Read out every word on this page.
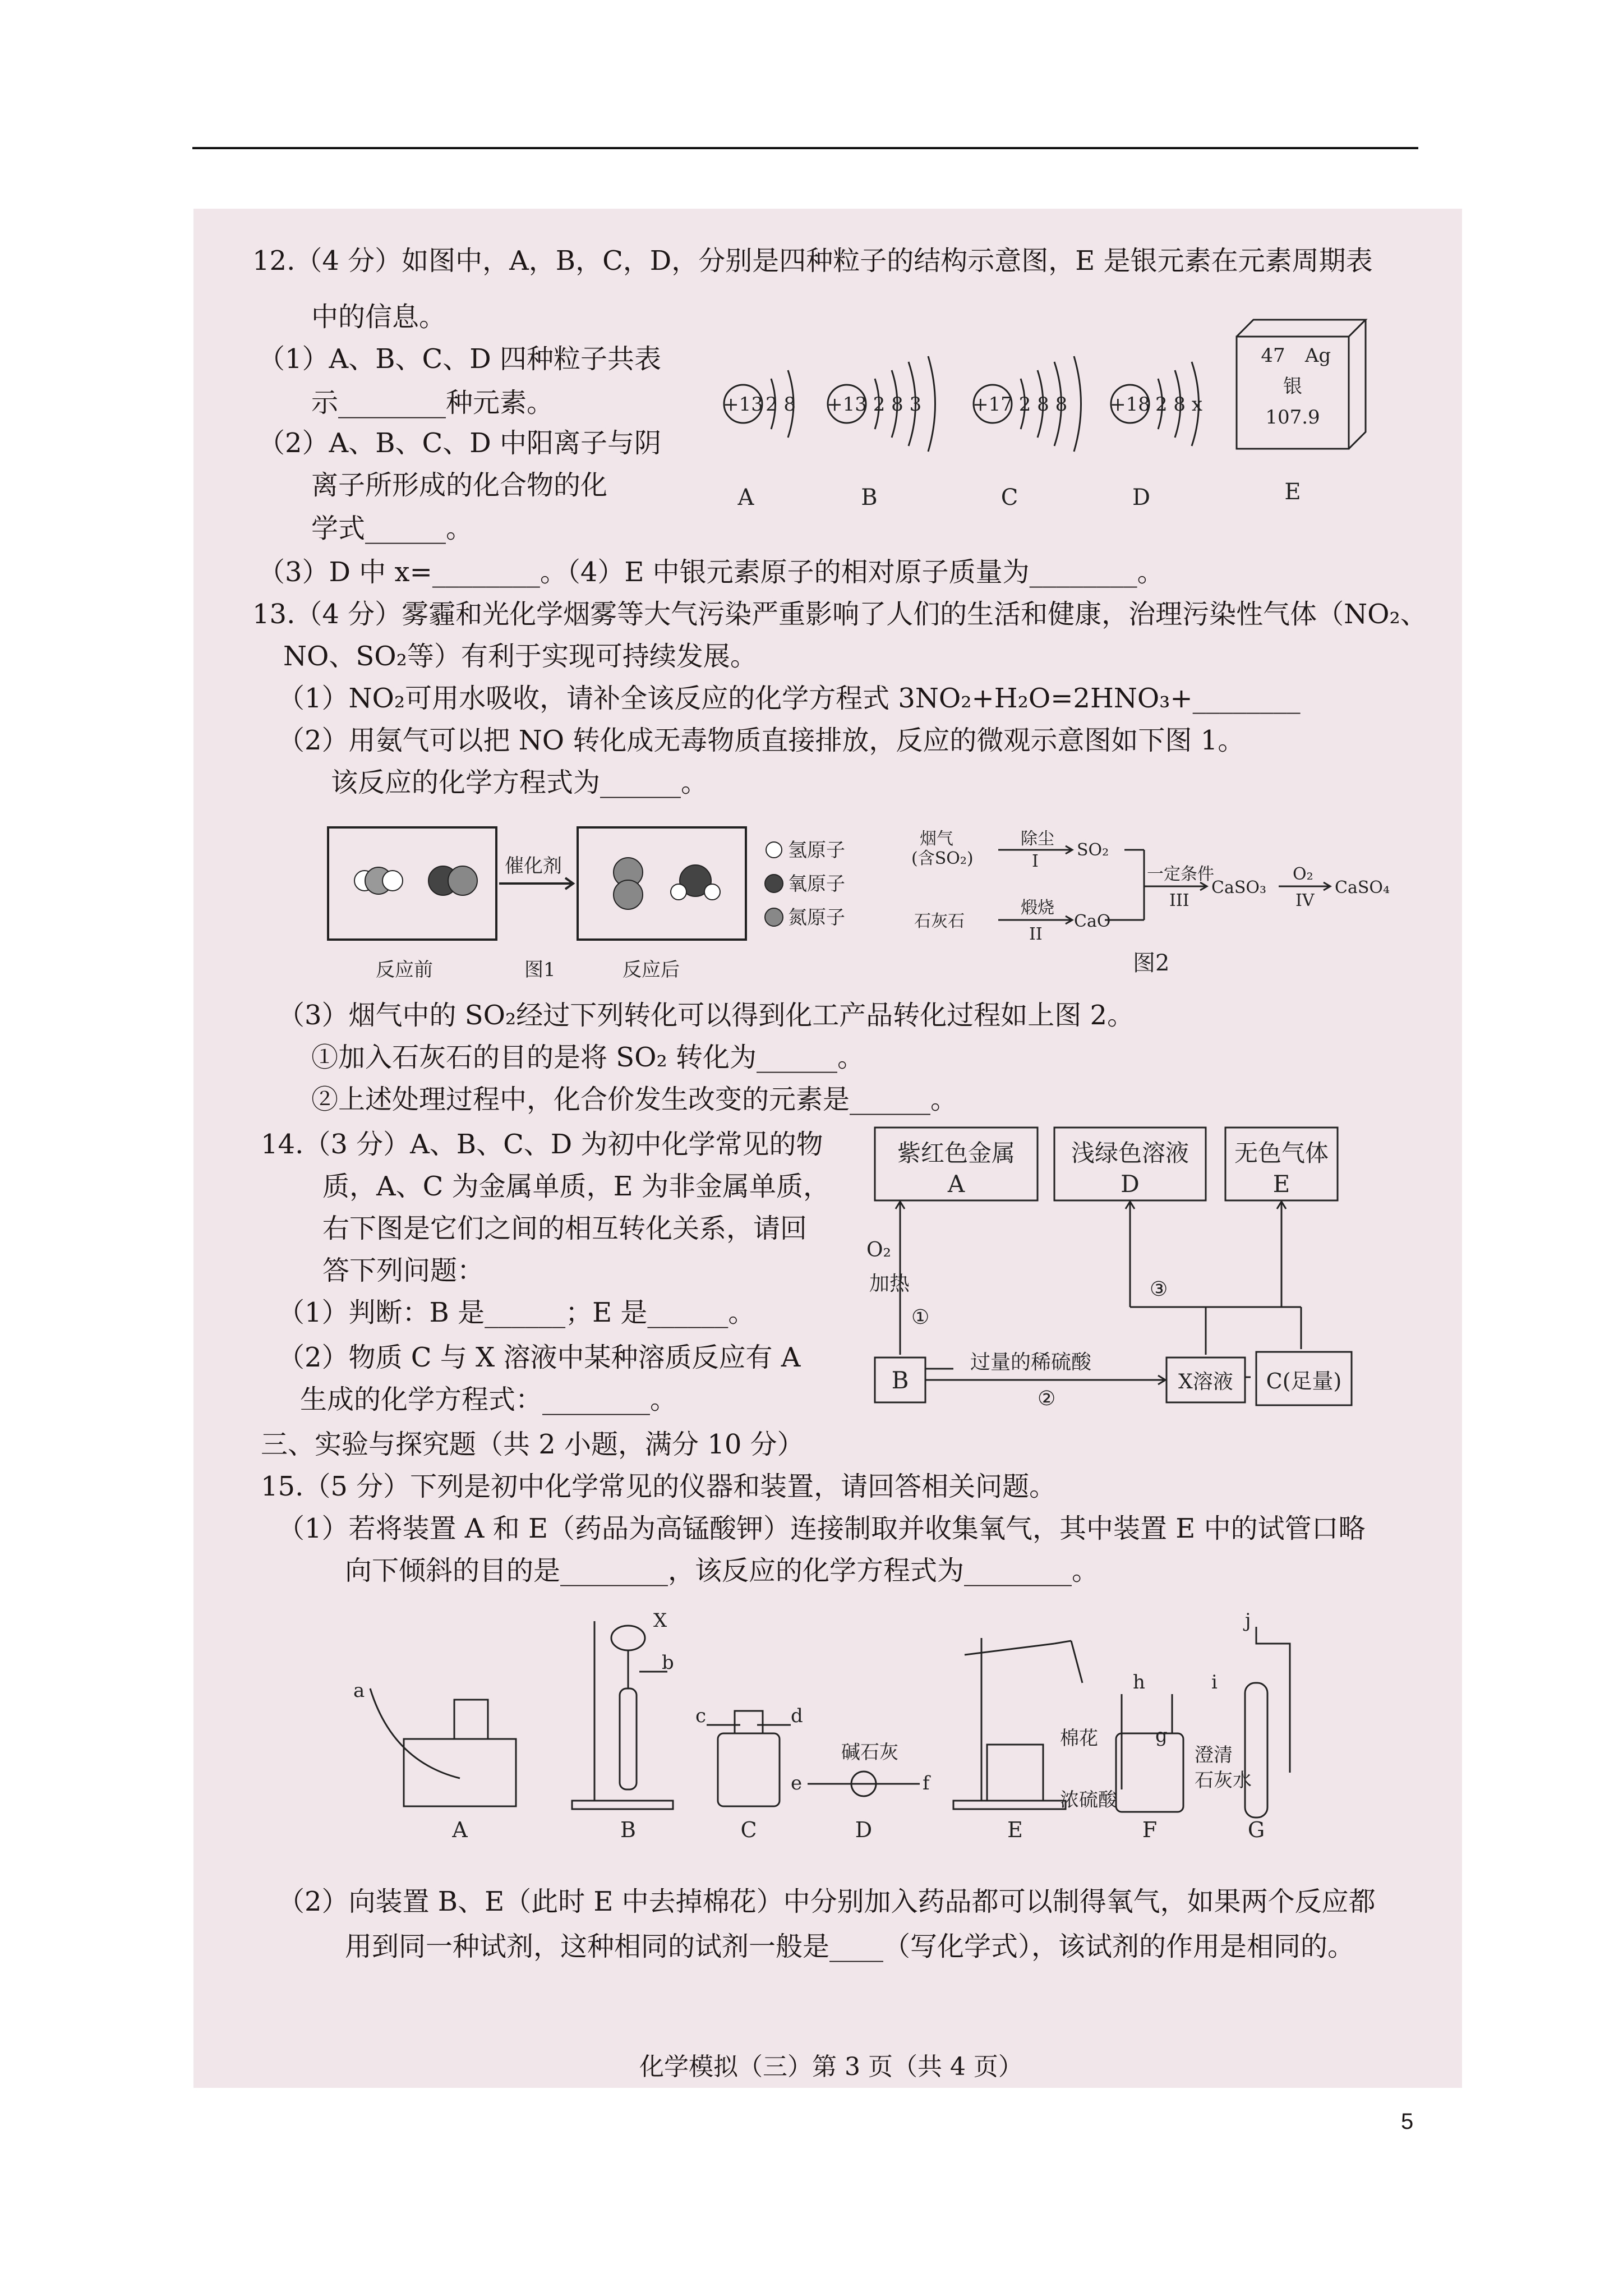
12.（4 分）如图中，A，B，C，D，分别是四种粒子的结构示意图，E 是银元素在元素周期表
中的信息。
（1）A、B、C、D 四种粒子共表
示________种元素。
（2）A、B、C、D 中阳离子与阴
离子所形成的化合物的化
学式______。
（3）D 中 x=________。（4）E 中银元素原子的相对原子质量为________。
+13 2 8 +13 2 8 3	+17 2 8 8 +18 2 8 x
47 Ag
银
107.9
A	B	C	D	E
13.（4 分）雾霾和光化学烟雾等大气污染严重影响了人们的生活和健康，治理污染性气体（NO₂、
NO、SO₂等）有利于实现可持续发展。
（1）NO₂可用水吸收，请补全该反应的化学方程式 3NO₂+H₂O=2HNO₃+________
（2）用氨气可以把 NO 转化成无毒物质直接排放，反应的微观示意图如下图 1。
该反应的化学方程式为______。
催化剂
反应前	图1	反应后
氢原子
氧原子
氮原子
烟气
(含SO₂)
除尘
I
SO₂
石灰石
煅烧
II
CaO
一定条件
III
CaSO₃
O₂
IV
CaSO₄
图2
（3）烟气中的 SO₂经过下列转化可以得到化工产品转化过程如上图 2。
①加入石灰石的目的是将 SO₂ 转化为______。
②上述处理过程中，化合价发生改变的元素是______。
14.（3 分）A、B、C、D 为初中化学常见的物
质，A、C 为金属单质，E 为非金属单质，
右下图是它们之间的相互转化关系，请回
答下列问题：
（1）判断：B 是______；E 是______。
（2）物质 C 与 X 溶液中某种溶质反应有 A
生成的化学方程式：________。
紫红色金属
A
浅绿色溶液
D
无色气体
E
B	X溶液 C(足量)
O₂
加热
①
过量的稀硫酸
②
③
三、实验与探究题（共 2 小题，满分 10 分）
15.（5 分）下列是初中化学常见的仪器和装置，请回答相关问题。
（1）若将装置 A 和 E（药品为高锰酸钾）连接制取并收集氧气，其中装置 E 中的试管口略
向下倾斜的目的是________，该反应的化学方程式为________。
a
b
c	d
e	f
g
h	i
j
X
碱石灰
棉花
浓硫酸
澄清
石灰水
A	B	C	D	E	F	G
（2）向装置 B、E（此时 E 中去掉棉花）中分别加入药品都可以制得氧气，如果两个反应都
用到同一种试剂，这种相同的试剂一般是____（写化学式），该试剂的作用是相同的。
化学模拟（三）第 3 页（共 4 页）
5
